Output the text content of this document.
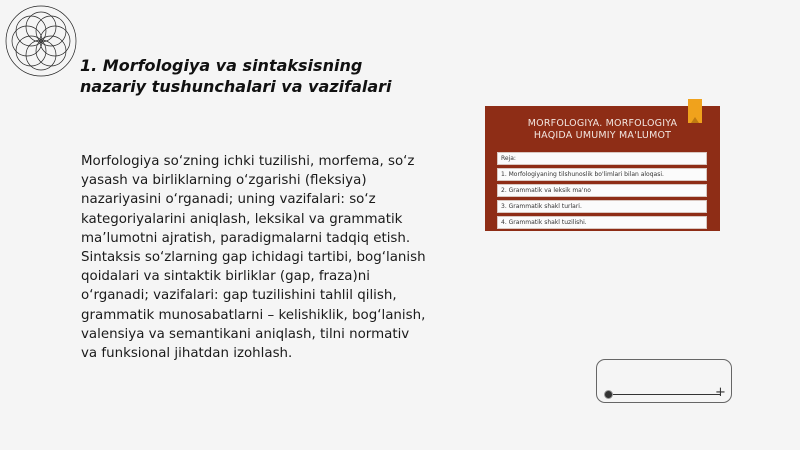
1. Morfologiya va sintaksisning
nazariy tushunchalari va vazifalari
Morfologiya so‘zning ichki tuzilishi, morfema, so‘z yasash va birliklarning o‘zgarishi (fleksiya) nazariyasini o‘rganadi; uning vazifalari: so‘z kategoriyalarini aniqlash, leksikal va grammatik ma’lumotni ajratish, paradigmalarni tadqiq etish. Sintaksis so‘zlarning gap ichidagi tartibi, bog‘lanish qoidalari va sintaktik birliklar (gap, fraza)ni o‘rganadi; vazifalari: gap tuzilishini tahlil qilish, grammatik munosabatlarni – kelishiklik, bog‘lanish, valensiya va semantikani aniqlash, tilni normativ va funksional jihatdan izohlash.
MORFOLOGIYA. MORFOLOGIYA
HAQIDA UMUMIY MA'LUMOT
Reja:
1. Morfologiyaning tilshunoslik bo'limlari bilan aloqasi.
2. Grammatik va leksik ma'no
3. Grammatik shakl turlari.
4. Grammatik shakl tuzilishi.
+
